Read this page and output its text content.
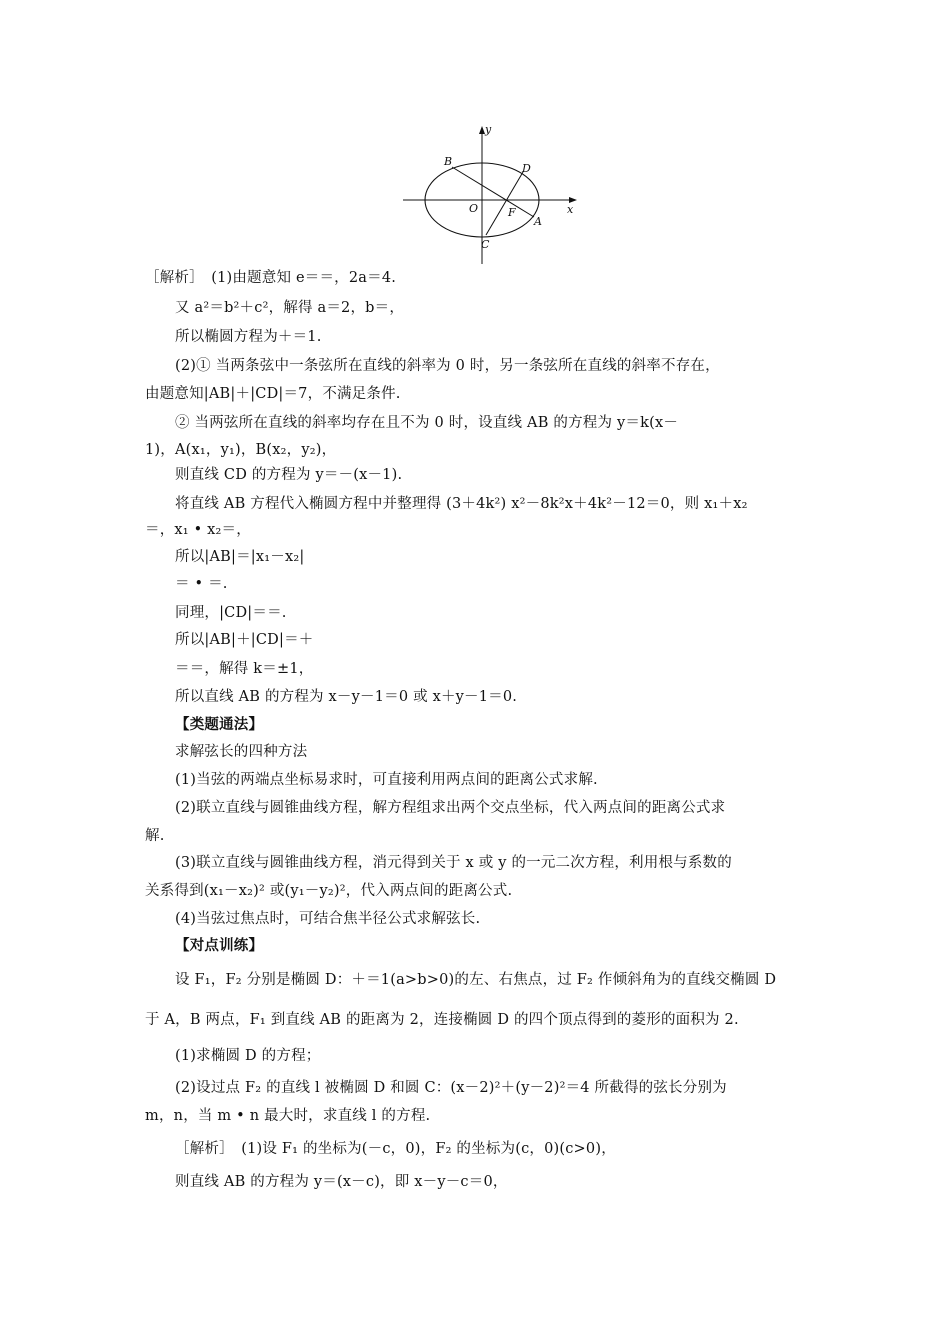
y
x
B
D
O	F
A
C
［解析］　(1)由题意知 e＝＝，2a＝4.
又 a²＝b²＋c²，解得 a＝2，b＝，
所以椭圆方程为＋＝1.
(2)① 当两条弦中一条弦所在直线的斜率为 0 时，另一条弦所在直线的斜率不存在，
由题意知|AB|＋|CD|＝7，不满足条件.
② 当两弦所在直线的斜率均存在且不为 0 时，设直线 AB 的方程为 y＝k(x－
1)，A(x₁，y₁)，B(x₂，y₂)，
则直线 CD 的方程为 y＝－(x－1).
将直线 AB 方程代入椭圆方程中并整理得 (3＋4k²) x²－8k²x＋4k²－12＝0，则 x₁＋x₂
＝，x₁ • x₂＝，
所以|AB|＝|x₁－x₂|
＝ • ＝.
同理，|CD|＝＝.
所以|AB|＋|CD|＝＋
＝＝，解得 k＝±1，
所以直线 AB 的方程为 x－y－1＝0 或 x＋y－1＝0.
【类题通法】
求解弦长的四种方法
(1)当弦的两端点坐标易求时，可直接利用两点间的距离公式求解.
(2)联立直线与圆锥曲线方程，解方程组求出两个交点坐标，代入两点间的距离公式求
解.
(3)联立直线与圆锥曲线方程，消元得到关于 x 或 y 的一元二次方程，利用根与系数的
关系得到(x₁－x₂)² 或(y₁－y₂)²，代入两点间的距离公式.
(4)当弦过焦点时，可结合焦半径公式求解弦长.
【对点训练】
设 F₁，F₂ 分别是椭圆 D：＋＝1(a>b>0)的左、右焦点，过 F₂ 作倾斜角为的直线交椭圆 D
于 A，B 两点，F₁ 到直线 AB 的距离为 2，连接椭圆 D 的四个顶点得到的菱形的面积为 2.
(1)求椭圆 D 的方程；
(2)设过点 F₂ 的直线 l 被椭圆 D 和圆 C：(x－2)²＋(y－2)²＝4 所截得的弦长分别为
m，n，当 m • n 最大时，求直线 l 的方程.
［解析］　(1)设 F₁ 的坐标为(－c，0)，F₂ 的坐标为(c，0)(c>0)，
则直线 AB 的方程为 y＝(x－c)，即 x－y－c＝0，
